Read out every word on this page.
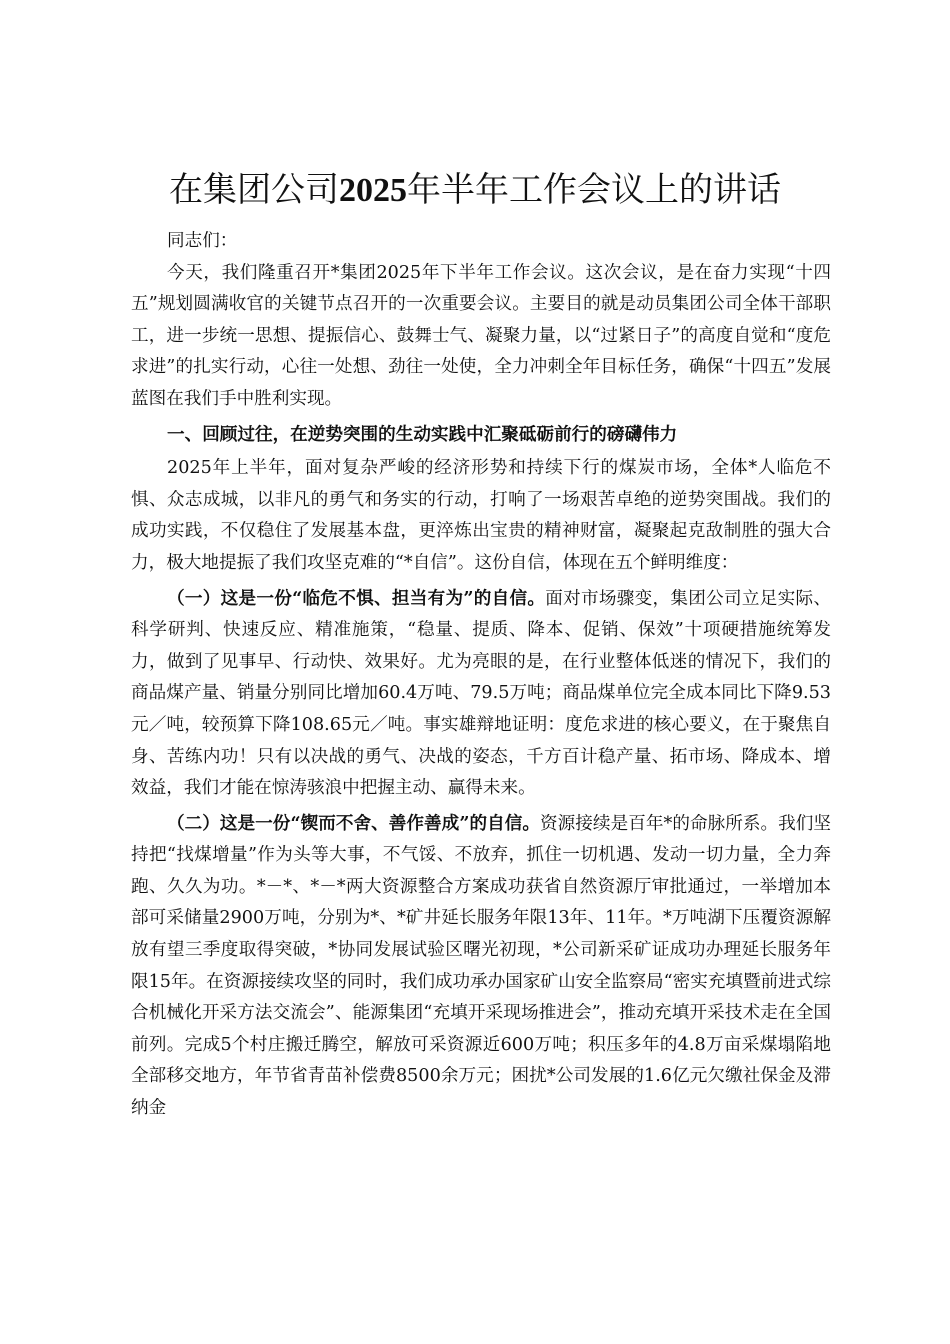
在集团公司2025年半年工作会议上的讲话

同志们：

今天，我们隆重召开*集团2025年下半年工作会议。这次会议，是在奋力实现“十四五”规划圆满收官的关键节点召开的一次重要会议。主要目的就是动员集团公司全体干部职工，进一步统一思想、提振信心、鼓舞士气、凝聚力量，以“过紧日子”的高度自觉和“度危求进”的扎实行动，心往一处想、劲往一处使，全力冲刺全年目标任务，确保“十四五”发展蓝图在我们手中胜利实现。

一、回顾过往，在逆势突围的生动实践中汇聚砥砺前行的磅礴伟力

2025年上半年，面对复杂严峻的经济形势和持续下行的煤炭市场，全体*人临危不惧、众志成城，以非凡的勇气和务实的行动，打响了一场艰苦卓绝的逆势突围战。我们的成功实践，不仅稳住了发展基本盘，更淬炼出宝贵的精神财富，凝聚起克敌制胜的强大合力，极大地提振了我们攻坚克难的“*自信”。这份自信，体现在五个鲜明维度：

（一）这是一份“临危不惧、担当有为”的自信。面对市场骤变，集团公司立足实际、科学研判、快速反应、精准施策，“稳量、提质、降本、促销、保效”十项硬措施统筹发力，做到了见事早、行动快、效果好。尤为亮眼的是，在行业整体低迷的情况下，我们的商品煤产量、销量分别同比增加60.4万吨、79.5万吨；商品煤单位完全成本同比下降9.53元／吨，较预算下降108.65元／吨。事实雄辩地证明：度危求进的核心要义，在于聚焦自身、苦练内功！只有以决战的勇气、决战的姿态，千方百计稳产量、拓市场、降成本、增效益，我们才能在惊涛骇浪中把握主动、赢得未来。

（二）这是一份“锲而不舍、善作善成”的自信。资源接续是百年*的命脉所系。我们坚持把“找煤增量”作为头等大事，不气馁、不放弃，抓住一切机遇、发动一切力量，全力奔跑、久久为功。*－*、*－*两大资源整合方案成功获省自然资源厅审批通过，一举增加本部可采储量2900万吨，分别为*、*矿井延长服务年限13年、11年。*万吨湖下压覆资源解放有望三季度取得突破，*协同发展试验区曙光初现，*公司新采矿证成功办理延长服务年限15年。在资源接续攻坚的同时，我们成功承办国家矿山安全监察局“密实充填暨前进式综合机械化开采方法交流会”、能源集团“充填开采现场推进会”，推动充填开采技术走在全国前列。完成5个村庄搬迁腾空，解放可采资源近600万吨；积压多年的4.8万亩采煤塌陷地全部移交地方，年节省青苗补偿费8500余万元；困扰*公司发展的1.6亿元欠缴社保金及滞纳金
